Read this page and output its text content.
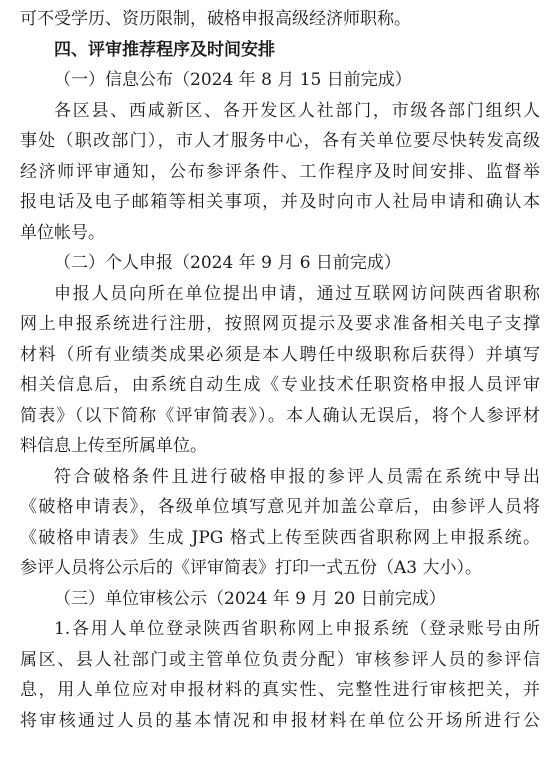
可不受学历、资历限制，破格申报高级经济师职称。
四、评审推荐程序及时间安排
（一）信息公布（2024 年 8 月 15 日前完成）
各区县、西咸新区、各开发区人社部门，市级各部门组织人
事处（职改部门），市人才服务中心，各有关单位要尽快转发高级
经济师评审通知，公布参评条件、工作程序及时间安排、监督举
报电话及电子邮箱等相关事项，并及时向市人社局申请和确认本
单位帐号。
（二）个人申报（2024 年 9 月 6 日前完成）
申报人员向所在单位提出申请，通过互联网访问陕西省职称
网上申报系统进行注册，按照网页提示及要求准备相关电子支撑
材料（所有业绩类成果必须是本人聘任中级职称后获得）并填写
相关信息后，由系统自动生成《专业技术任职资格申报人员评审
简表》（以下简称《评审简表》）。本人确认无误后，将个人参评材
料信息上传至所属单位。
符合破格条件且进行破格申报的参评人员需在系统中导出
《破格申请表》，各级单位填写意见并加盖公章后，由参评人员将
《破格申请表》生成 JPG 格式上传至陕西省职称网上申报系统。
参评人员将公示后的《评审简表》打印一式五份（A3 大小）。
（三）单位审核公示（2024 年 9 月 20 日前完成）
1.各用人单位登录陕西省职称网上申报系统（登录账号由所
属区、县人社部门或主管单位负责分配）审核参评人员的参评信
息，用人单位应对申报材料的真实性、完整性进行审核把关，并
将审核通过人员的基本情况和申报材料在单位公开场所进行公
